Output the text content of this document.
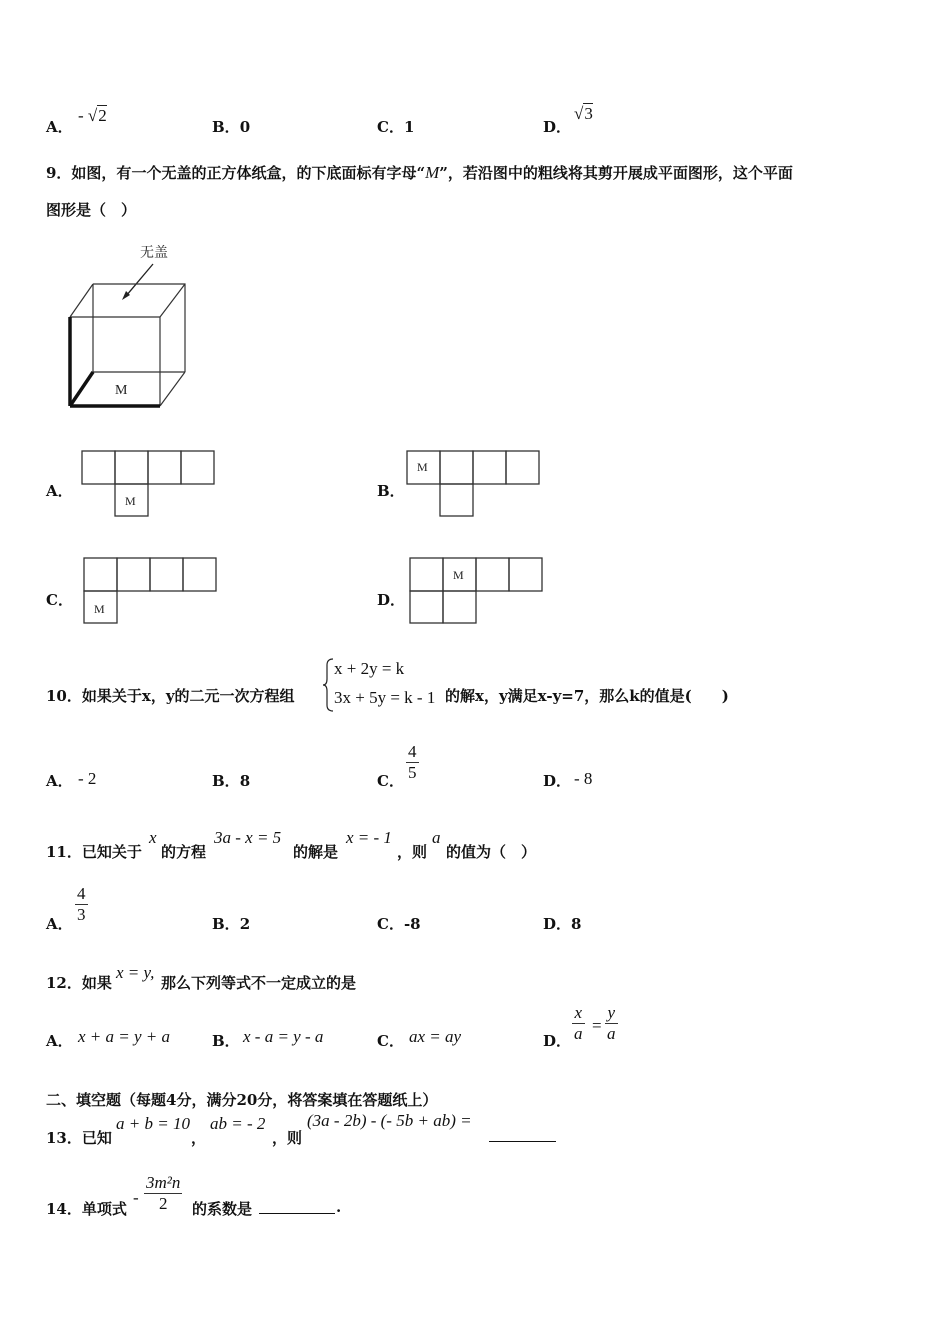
A．
- √2
B．0	C．1	D．
√3
9．如图，有一个无盖的正方体纸盒，的下底面标有字母“M”，若沿图中的粗线将其剪开展成平面图形，这个平面
图形是（　）
无盖
M
A．
M
B．
M
C． M	D．
M
10．如果关于x，y的二元一次方程组
x + 2y = k
3x + 5y = k - 1 的解x，y满足x-y=7，那么k的值是(　　)
A． - 2	B．8	C．
4
5	D． - 8
11．已知关于
x
的方程
3a - x = 5
的解是
x = - 1
，则
a
的值为（　）
A．
4
3	B．2	C．-8	D．8
12．如果
x = y,
那么下列等式不一定成立的是
A． x + a = y + a	B． x - a = y - a	C． ax = ay	D．
x
a =
y
a
二、填空题（每题4分，满分20分，将答案填在答题纸上）
13．已知
a + b = 10
，
ab = - 2
，则
(3a - 2b) - (- 5b + ab) =
14．单项式
-
3m²n
2 的系数是	.
